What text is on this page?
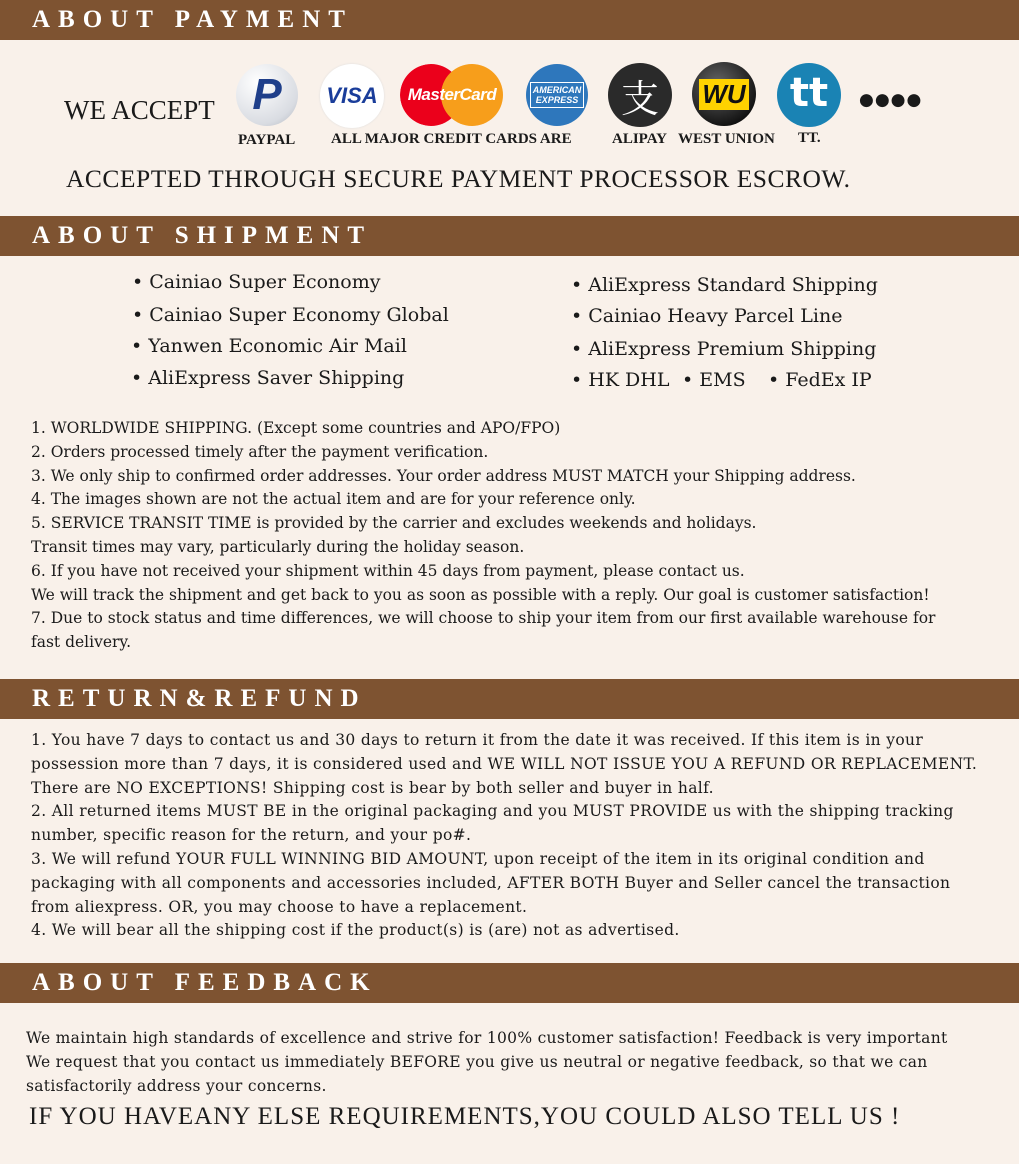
ABOUT PAYMENT
WE ACCEPT P VISA MasterCard	AMERICAN EXPRESS 支 WU tt ●●●●
PAYPAL ALL MAJOR CREDIT CARDS ARE	ALIPAY WEST UNION TT.
ACCEPTED THROUGH SECURE PAYMENT PROCESSOR ESCROW.
ABOUT SHIPMENT
• Cainiao Super Economy
• Cainiao Super Economy Global
• Yanwen Economic Air Mail
• AliExpress Saver Shipping
• AliExpress Standard Shipping
• Cainiao Heavy Parcel Line
• AliExpress Premium Shipping
• HK DHL • EMS • FedEx IP
1. WORLDWIDE SHIPPING. (Except some countries and APO/FPO)
2. Orders processed timely after the payment verification.
3. We only ship to confirmed order addresses. Your order address MUST MATCH your Shipping address.
4. The images shown are not the actual item and are for your reference only.
5. SERVICE TRANSIT TIME is provided by the carrier and excludes weekends and holidays.
Transit times may vary, particularly during the holiday season.
6. If you have not received your shipment within 45 days from payment, please contact us.
We will track the shipment and get back to you as soon as possible with a reply. Our goal is customer satisfaction!
7. Due to stock status and time differences, we will choose to ship your item from our first available warehouse for
fast delivery.
RETURN&REFUND
1. You have 7 days to contact us and 30 days to return it from the date it was received. If this item is in your
possession more than 7 days, it is considered used and WE WILL NOT ISSUE YOU A REFUND OR REPLACEMENT.
There are NO EXCEPTIONS! Shipping cost is bear by both seller and buyer in half.
2. All returned items MUST BE in the original packaging and you MUST PROVIDE us with the shipping tracking
number, specific reason for the return, and your po#.
3. We will refund YOUR FULL WINNING BID AMOUNT, upon receipt of the item in its original condition and
packaging with all components and accessories included, AFTER BOTH Buyer and Seller cancel the transaction
from aliexpress. OR, you may choose to have a replacement.
4. We will bear all the shipping cost if the product(s) is (are) not as advertised.
ABOUT FEEDBACK
We maintain high standards of excellence and strive for 100% customer satisfaction! Feedback is very important
We request that you contact us immediately BEFORE you give us neutral or negative feedback, so that we can
satisfactorily address your concerns.
IF YOU HAVEANY ELSE REQUIREMENTS,YOU COULD ALSO TELL US !
